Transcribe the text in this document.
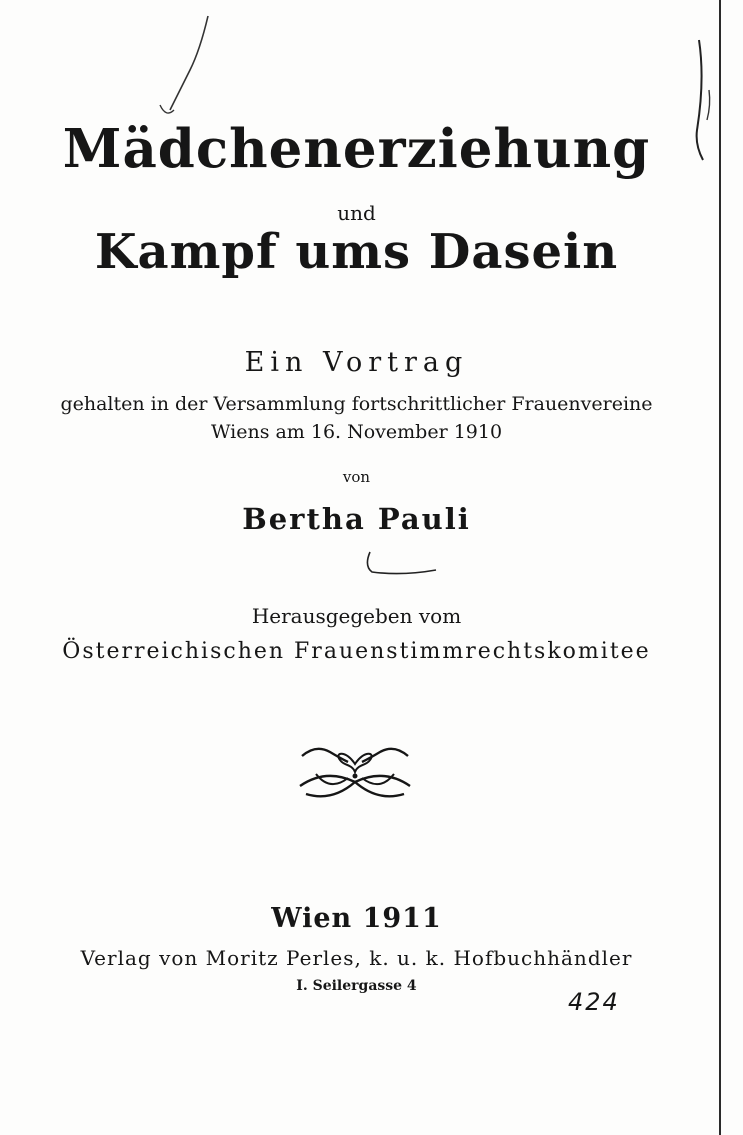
Mädchenerziehung
und
Kampf ums Dasein
Ein Vortrag
gehalten in der Versammlung fortschrittlicher Frauenvereine
Wiens am 16. November 1910
von
Bertha Pauli
Herausgegeben vom
Österreichischen Frauenstimmrechtskomitee
Wien 1911
Verlag von Moritz Perles, k. u. k. Hofbuchhändler
I. Seilergasse 4
424
